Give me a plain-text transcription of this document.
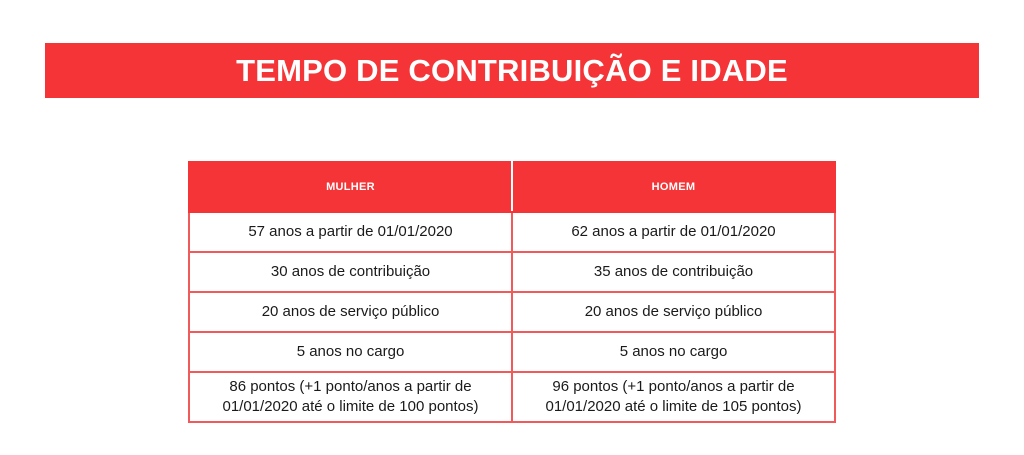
TEMPO DE CONTRIBUIÇÃO E IDADE
MULHER	HOMEM
57 anos a partir de 01/01/2020	62 anos a partir de 01/01/2020
30 anos de contribuição	35 anos de contribuição
20 anos de serviço público	20 anos de serviço público
5 anos no cargo	5 anos no cargo
86 pontos (+1 ponto/anos a partir de 01/01/2020 até o limite de 100 pontos)	96 pontos (+1 ponto/anos a partir de 01/01/2020 até o limite de 105 pontos)
